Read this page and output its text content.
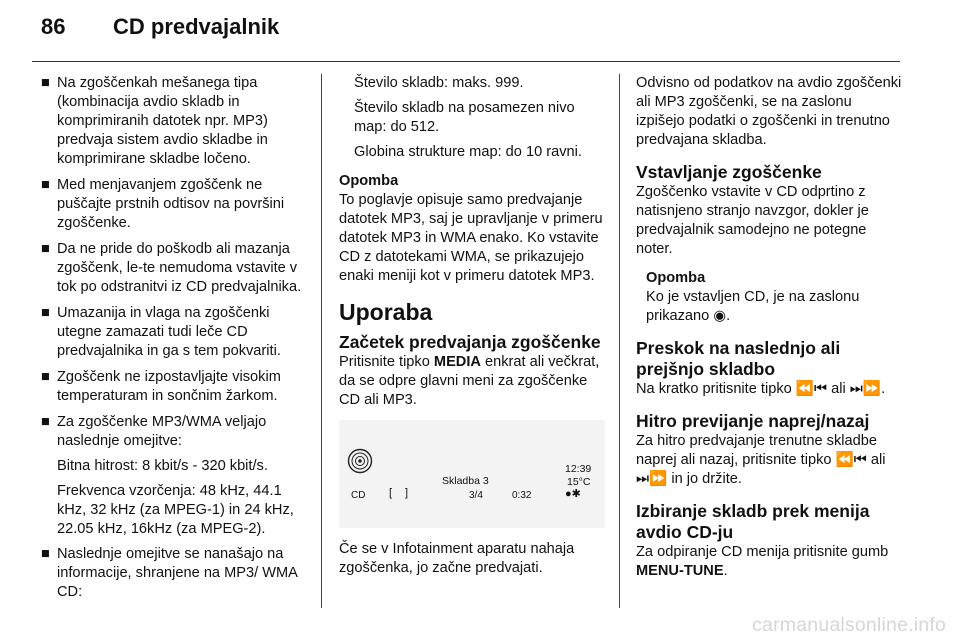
86 CD predvajalnik
■ Na zgoščenkah mešanega tipa (kombinacija avdio skladb in komprimiranih datotek npr. MP3) predvaja sistem avdio skladbe in komprimirane skladbe ločeno.
■ Med menjavanjem zgoščenk ne puščajte prstnih odtisov na površini zgoščenke.
■ Da ne pride do poškodb ali mazanja zgoščenk, le-te nemudoma vstavite v tok po odstranitvi iz CD predvajalnika.
■ Umazanija in vlaga na zgoščenki utegne zamazati tudi leče CD predvajalnika in ga s tem pokvariti.
■ Zgoščenk ne izpostavljajte visokim temperaturam in sončnim žarkom.
■ Za zgoščenke MP3/WMA veljajo naslednje omejitve:
Bitna hitrost: 8 kbit/s - 320 kbit/s.
Frekvenca vzorčenja: 48 kHz, 44.1 kHz, 32 kHz (za MPEG-1) in 24 kHz, 22.05 kHz, 16kHz (za MPEG-2).
■ Naslednje omejitve se nanašajo na informacije, shranjene na MP3/ WMA CD:
Število skladb: maks. 999.
Število skladb na posamezen nivo map: do 512.
Globina strukture map: do 10 ravni.
Opomba
To poglavje opisuje samo predvajanje datotek MP3, saj je upravljanje v primeru datotek MP3 in WMA enako. Ko vstavite CD z datotekami WMA, se prikazujejo enaki meniji kot v primeru datotek MP3.
Uporaba
Začetek predvajanja zgoščenke
Pritisnite tipko MEDIA enkrat ali večkrat, da se odpre glavni meni za zgoščenke CD ali MP3.
CD [ ]
Skladba 3
3/4	0:32
12:39
15°C
●✱
Če se v Infotainment aparatu nahaja zgoščenka, jo začne predvajati.
Odvisno od podatkov na avdio zgoščenki ali MP3 zgoščenki, se na zaslonu izpišejo podatki o zgoščenki in trenutno predvajana skladba.
Vstavljanje zgoščenke
Zgoščenko vstavite v CD odprtino z natisnjeno stranjo navzgor, dokler je predvajalnik samodejno ne potegne noter.
Opomba
Ko je vstavljen CD, je na zaslonu prikazano ◉.
Preskok na naslednjo ali prejšnjo skladbo
Na kratko pritisnite tipko ⏪⏮ ali ⏭⏩.
Hitro previjanje naprej/nazaj
Za hitro predvajanje trenutne skladbe naprej ali nazaj, pritisnite tipko ⏪⏮ ali ⏭⏩ in jo držite.
Izbiranje skladb prek menija avdio CD-ju
Za odpiranje CD menija pritisnite gumb MENU-TUNE.
carmanualsonline.info
